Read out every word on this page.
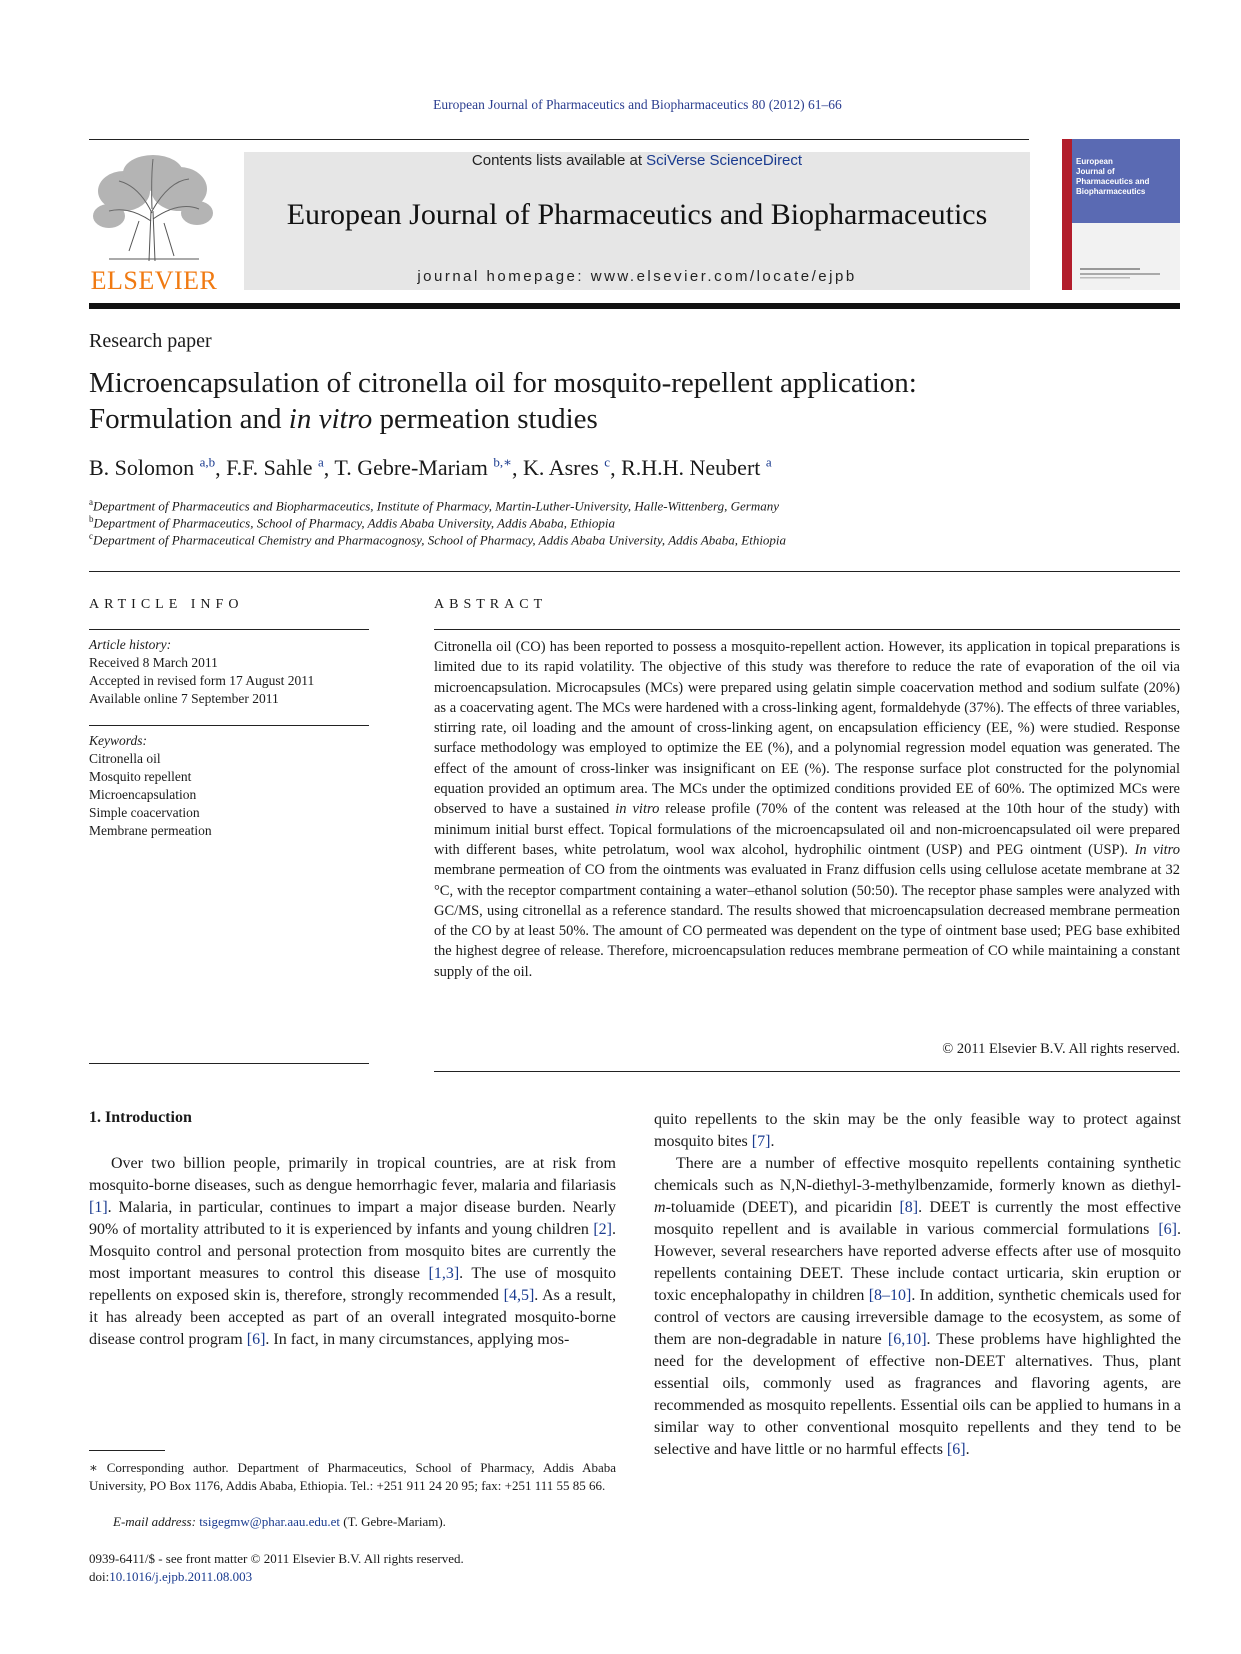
European Journal of Pharmaceutics and Biopharmaceutics 80 (2012) 61–66
ELSEVIER
Contents lists available at SciVerse ScienceDirect
European Journal of Pharmaceutics and Biopharmaceutics
journal homepage: www.elsevier.com/locate/ejpb
European
Journal of
Pharmaceutics and
Biopharmaceutics
Research paper
Microencapsulation of citronella oil for mosquito-repellent application:
Formulation and in vitro permeation studies
B. Solomon $^{a,b}$, F.F. Sahle $^a$, T. Gebre-Mariam $^{b,∗}$, K. Asres $^c$, R.H.H. Neubert $^a$
$^a$Department of Pharmaceutics and Biopharmaceutics, Institute of Pharmacy, Martin-Luther-University, Halle-Wittenberg, Germany
$^b$Department of Pharmaceutics, School of Pharmacy, Addis Ababa University, Addis Ababa, Ethiopia
$^c$Department of Pharmaceutical Chemistry and Pharmacognosy, School of Pharmacy, Addis Ababa University, Addis Ababa, Ethiopia
ARTICLE INFO
Article history:
Received 8 March 2011
Accepted in revised form 17 August 2011
Available online 7 September 2011
Keywords:
Citronella oil
Mosquito repellent
Microencapsulation
Simple coacervation
Membrane permeation
ABSTRACT
Citronella oil (CO) has been reported to possess a mosquito-repellent action. However, its application in topical preparations is limited due to its rapid volatility. The objective of this study was therefore to reduce the rate of evaporation of the oil via microencapsulation. Microcapsules (MCs) were prepared using gelatin simple coacervation method and sodium sulfate (20%) as a coacervating agent. The MCs were hardened with a cross-linking agent, formaldehyde (37%). The effects of three variables, stirring rate, oil loading and the amount of cross-linking agent, on encapsulation efficiency (EE, %) were studied. Response surface methodology was employed to optimize the EE (%), and a polynomial regression model equation was generated. The effect of the amount of cross-linker was insignificant on EE (%). The response surface plot constructed for the polynomial equation provided an optimum area. The MCs under the optimized conditions provided EE of 60%. The optimized MCs were observed to have a sustained in vitro release profile (70% of the content was released at the 10th hour of the study) with minimum initial burst effect. Topical formulations of the microencapsulated oil and non-microencapsulated oil were prepared with different bases, white petrolatum, wool wax alcohol, hydrophilic ointment (USP) and PEG ointment (USP). In vitro membrane permeation of CO from the ointments was evaluated in Franz diffusion cells using cellulose acetate membrane at 32 °C, with the receptor compartment containing a water–ethanol solution (50:50). The receptor phase samples were analyzed with GC/MS, using citronellal as a reference standard. The results showed that microencapsulation decreased membrane permeation of the CO by at least 50%. The amount of CO permeated was dependent on the type of ointment base used; PEG base exhibited the highest degree of release. Therefore, microencapsulation reduces membrane permeation of CO while maintaining a constant supply of the oil.
© 2011 Elsevier B.V. All rights reserved.
1. Introduction
Over two billion people, primarily in tropical countries, are at risk from mosquito-borne diseases, such as dengue hemorrhagic fever, malaria and filariasis [1]. Malaria, in particular, continues to impart a major disease burden. Nearly 90% of mortality attributed to it is experienced by infants and young children [2]. Mosquito control and personal protection from mosquito bites are currently the most important measures to control this disease [1,3]. The use of mosquito repellents on exposed skin is, therefore, strongly recommended [4,5]. As a result, it has already been accepted as part of an overall integrated mosquito-borne disease control program [6]. In fact, in many circumstances, applying mos-
quito repellents to the skin may be the only feasible way to protect against mosquito bites [7].
There are a number of effective mosquito repellents containing synthetic chemicals such as N,N-diethyl-3-methylbenzamide, formerly known as diethyl-m-toluamide (DEET), and picaridin [8]. DEET is currently the most effective mosquito repellent and is available in various commercial formulations [6]. However, several researchers have reported adverse effects after use of mosquito repellents containing DEET. These include contact urticaria, skin eruption or toxic encephalopathy in children [8–10]. In addition, synthetic chemicals used for control of vectors are causing irreversible damage to the ecosystem, as some of them are non-degradable in nature [6,10]. These problems have highlighted the need for the development of effective non-DEET alternatives. Thus, plant essential oils, commonly used as fragrances and flavoring agents, are recommended as mosquito repellents. Essential oils can be applied to humans in a similar way to other conventional mosquito repellents and they tend to be selective and have little or no harmful effects [6].

∗ Corresponding author. Department of Pharmaceutics, School of Pharmacy, Addis Ababa University, PO Box 1176, Addis Ababa, Ethiopia. Tel.: +251 911 24 20 95; fax: +251 111 55 85 66.

E-mail address: tsigegmw@phar.aau.edu.et (T. Gebre-Mariam).
0939-6411/$ - see front matter © 2011 Elsevier B.V. All rights reserved.
doi:10.1016/j.ejpb.2011.08.003
